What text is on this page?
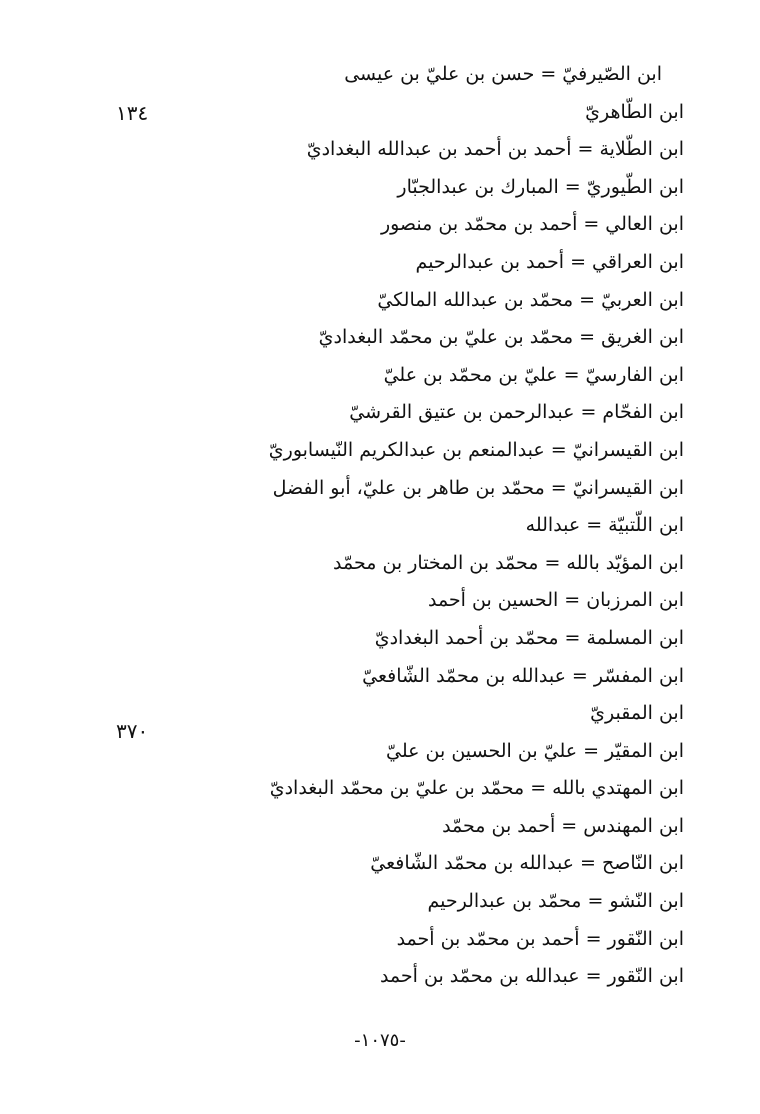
١٣٤
٣٧٠
ابن الصّيرفيّ=حسن بن عليّ بن عيسى
ابن الطّاهريّ
ابن الطّلاية=أحمد بن أحمد بن عبدالله البغداديّ
ابن الطّيوريّ=المبارك بن عبدالجبّار
ابن العالي=أحمد بن محمّد بن منصور
ابن العراقي=أحمد بن عبدالرحيم
ابن العربيّ=محمّد بن عبدالله المالكيّ
ابن الغريق=محمّد بن عليّ بن محمّد البغداديّ
ابن الفارسيّ=عليّ بن محمّد بن عليّ
ابن الفحّام=عبدالرحمن بن عتيق القرشيّ
ابن القيسرانيّ=عبدالمنعم بن عبدالكريم النّيسابوريّ
ابن القيسرانيّ=محمّد بن طاهر بن عليّ، أبو الفضل
ابن اللّتبيّة=عبدالله
ابن المؤيّد بالله=محمّد بن المختار بن محمّد
ابن المرزبان=الحسين بن أحمد
ابن المسلمة=محمّد بن أحمد البغداديّ
ابن المفسّر=عبدالله بن محمّد الشّافعيّ
ابن المقبريّ
ابن المقيّر=عليّ بن الحسين بن عليّ
ابن المهتدي بالله=محمّد بن عليّ بن محمّد البغداديّ
ابن المهندس=أحمد بن محمّد
ابن النّاصح=عبدالله بن محمّد الشّافعيّ
ابن النّشو=محمّد بن عبدالرحيم
ابن النّقور=أحمد بن محمّد بن أحمد
ابن النّقور=عبدالله بن محمّد بن أحمد
-١٠٧٥-
